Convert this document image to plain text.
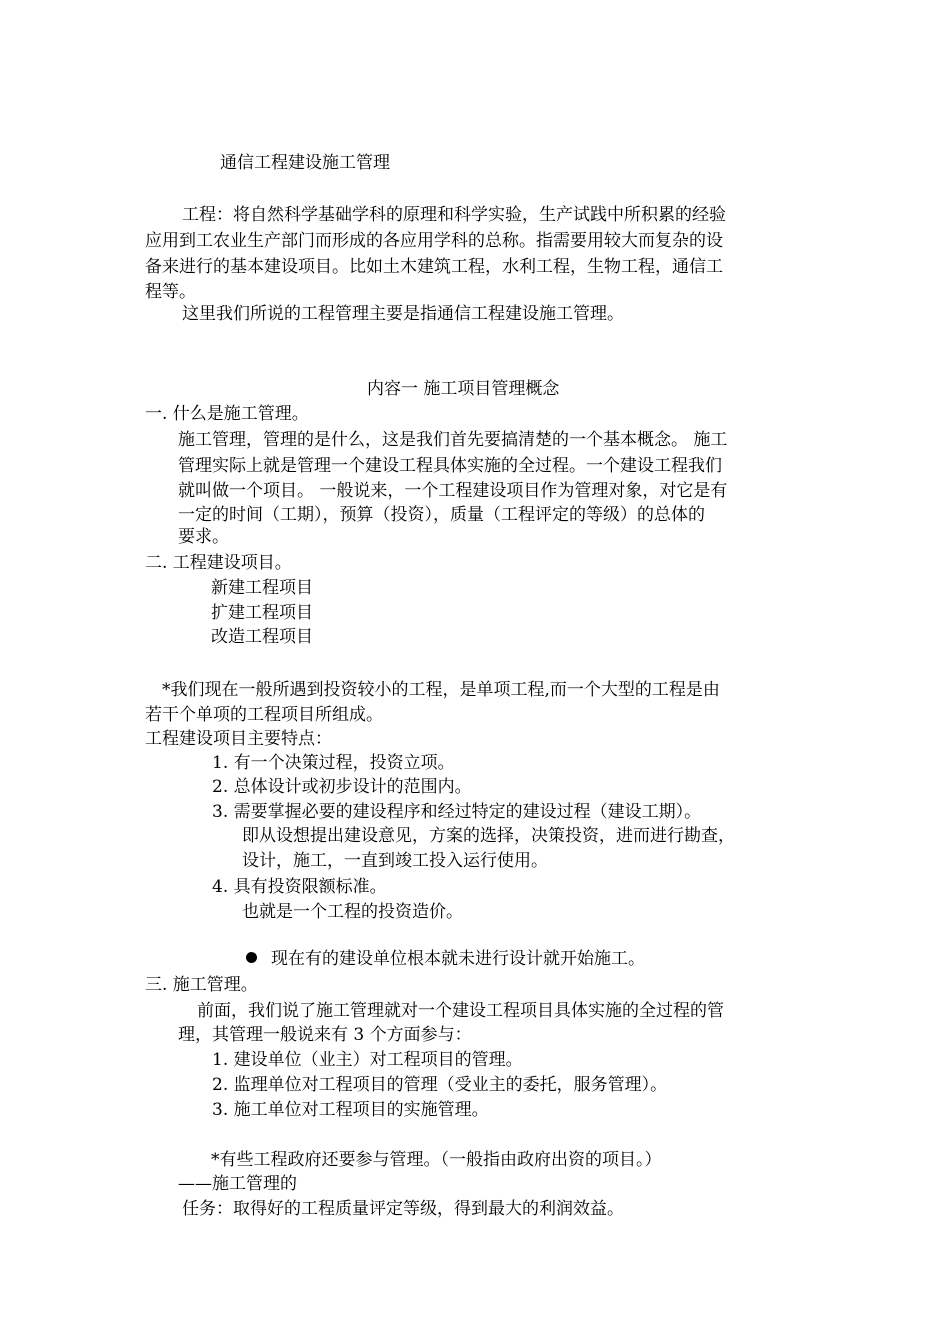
通信工程建设施工管理
工程：将自然科学基础学科的原理和科学实验，生产试践中所积累的经验
应用到工农业生产部门而形成的各应用学科的总称。指需要用较大而复杂的设
备来进行的基本建设项目。比如土木建筑工程，水利工程，生物工程，通信工
程等。
这里我们所说的工程管理主要是指通信工程建设施工管理。
内容一 施工项目管理概念
一. 什么是施工管理。
施工管理，管理的是什么，这是我们首先要搞清楚的一个基本概念。 施工
管理实际上就是管理一个建设工程具体实施的全过程。一个建设工程我们
就叫做一个项目。 一般说来，一个工程建设项目作为管理对象，对它是有
一定的时间（工期），预算（投资），质量（工程评定的等级）的总体的
要求。
二. 工程建设项目。
新建工程项目
扩建工程项目
改造工程项目
*我们现在一般所遇到投资较小的工程，是单项工程,而一个大型的工程是由
若干个单项的工程项目所组成。
工程建设项目主要特点：
1. 有一个决策过程，投资立项。
2. 总体设计或初步设计的范围内。
3. 需要掌握必要的建设程序和经过特定的建设过程（建设工期）。
即从设想提出建设意见，方案的选择，决策投资，进而进行勘查，
设计，施工，一直到竣工投入运行使用。
4. 具有投资限额标准。
也就是一个工程的投资造价。
现在有的建设单位根本就未进行设计就开始施工。
三. 施工管理。
前面，我们说了施工管理就对一个建设工程项目具体实施的全过程的管
理，其管理一般说来有 3 个方面参与：
1. 建设单位（业主）对工程项目的管理。
2. 监理单位对工程项目的管理（受业主的委托，服务管理）。
3. 施工单位对工程项目的实施管理。
*有些工程政府还要参与管理。（一般指由政府出资的项目。）
——施工管理的
任务：取得好的工程质量评定等级，得到最大的利润效益。
